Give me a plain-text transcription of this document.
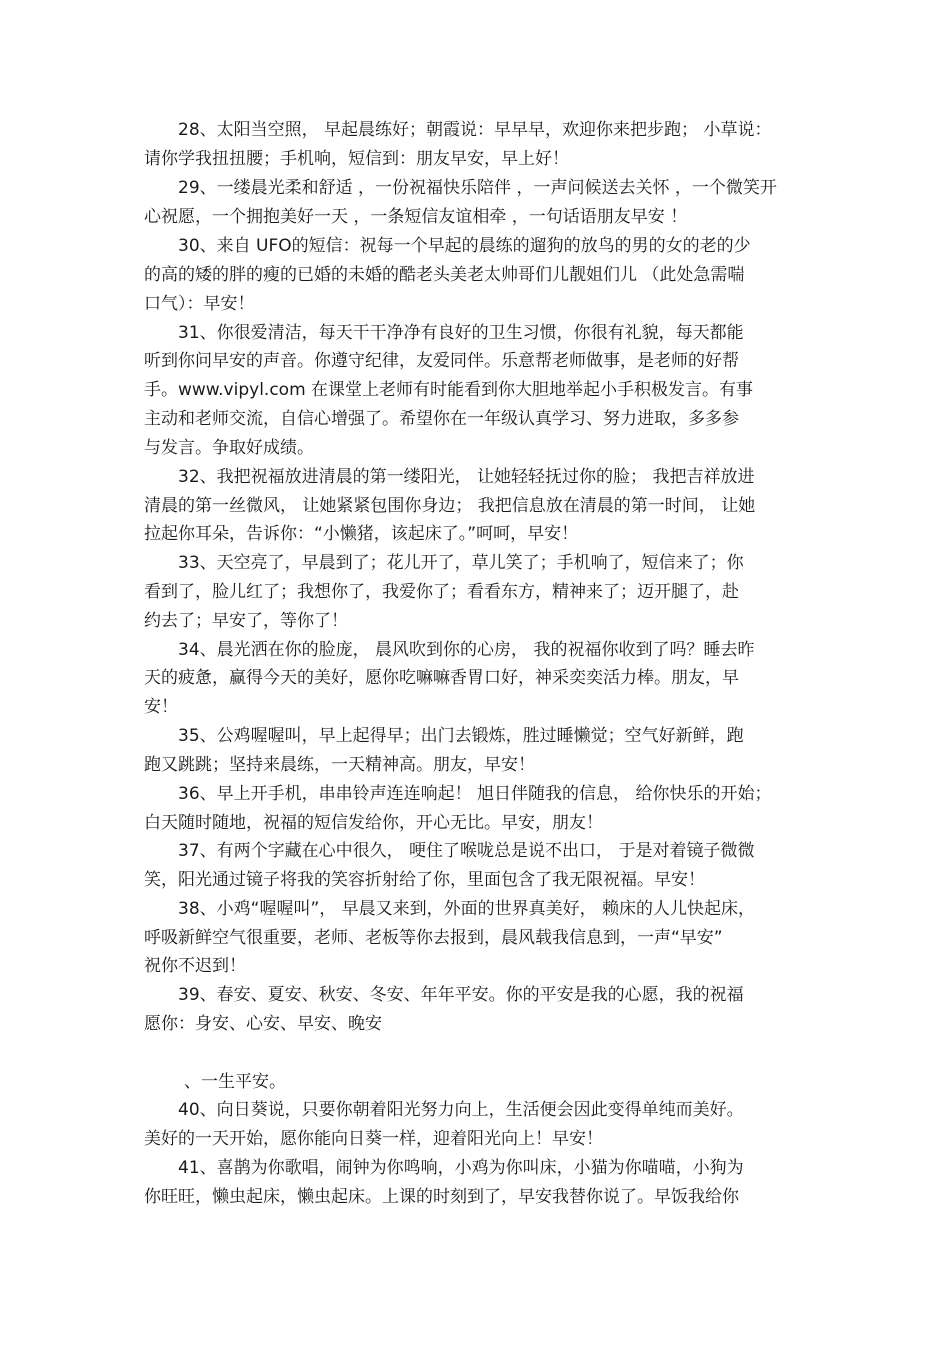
28、太阳当空照， 早起晨练好；朝霞说：早早早，欢迎你来把步跑； 小草说：
请你学我扭扭腰；手机响，短信到：朋友早安，早上好！
29、一缕晨光柔和舒适 ，一份祝福快乐陪伴 ，一声问候送去关怀 ，一个微笑开
心祝愿，一个拥抱美好一天 ，一条短信友谊相牵 ，一句话语朋友早安 ！
30、来自 UFO的短信：祝每一个早起的晨练的遛狗的放鸟的男的女的老的少
的高的矮的胖的瘦的已婚的未婚的酷老头美老太帅哥们儿靓姐们儿 （此处急需喘
口气）：早安！
31、你很爱清洁，每天干干净净有良好的卫生习惯，你很有礼貌，每天都能
听到你问早安的声音。你遵守纪律，友爱同伴。乐意帮老师做事，是老师的好帮
手。www.vipyl.com 在课堂上老师有时能看到你大胆地举起小手积极发言。有事
主动和老师交流，自信心增强了。希望你在一年级认真学习、努力进取，多多参
与发言。争取好成绩。
32、我把祝福放进清晨的第一缕阳光， 让她轻轻抚过你的脸； 我把吉祥放进
清晨的第一丝微风， 让她紧紧包围你身边； 我把信息放在清晨的第一时间， 让她
拉起你耳朵，告诉你：“小懒猪，该起床了。”呵呵，早安！
33、天空亮了，早晨到了；花儿开了，草儿笑了；手机响了，短信来了；你
看到了，脸儿红了；我想你了，我爱你了；看看东方，精神来了；迈开腿了，赴
约去了；早安了，等你了！
34、晨光洒在你的脸庞， 晨风吹到你的心房， 我的祝福你收到了吗？睡去昨
天的疲惫，赢得今天的美好，愿你吃嘛嘛香胃口好，神采奕奕活力棒。朋友，早
安！
35、公鸡喔喔叫，早上起得早；出门去锻炼，胜过睡懒觉；空气好新鲜，跑
跑又跳跳；坚持来晨练，一天精神高。朋友，早安！
36、早上开手机，串串铃声连连响起！ 旭日伴随我的信息， 给你快乐的开始；
白天随时随地，祝福的短信发给你，开心无比。早安，朋友！
37、有两个字藏在心中很久， 哽住了喉咙总是说不出口， 于是对着镜子微微
笑，阳光通过镜子将我的笑容折射给了你，里面包含了我无限祝福。早安！
38、小鸡“喔喔叫”， 早晨又来到，外面的世界真美好， 赖床的人儿快起床，
呼吸新鲜空气很重要，老师、老板等你去报到，晨风载我信息到，一声“早安”
祝你不迟到！
39、春安、夏安、秋安、冬安、年年平安。你的平安是我的心愿，我的祝福
愿你：身安、心安、早安、晚安
、一生平安。
40、向日葵说，只要你朝着阳光努力向上，生活便会因此变得单纯而美好。
美好的一天开始，愿你能向日葵一样，迎着阳光向上！早安！
41、喜鹊为你歌唱，闹钟为你鸣响，小鸡为你叫床，小猫为你喵喵，小狗为
你旺旺，懒虫起床，懒虫起床。上课的时刻到了，早安我替你说了。早饭我给你
